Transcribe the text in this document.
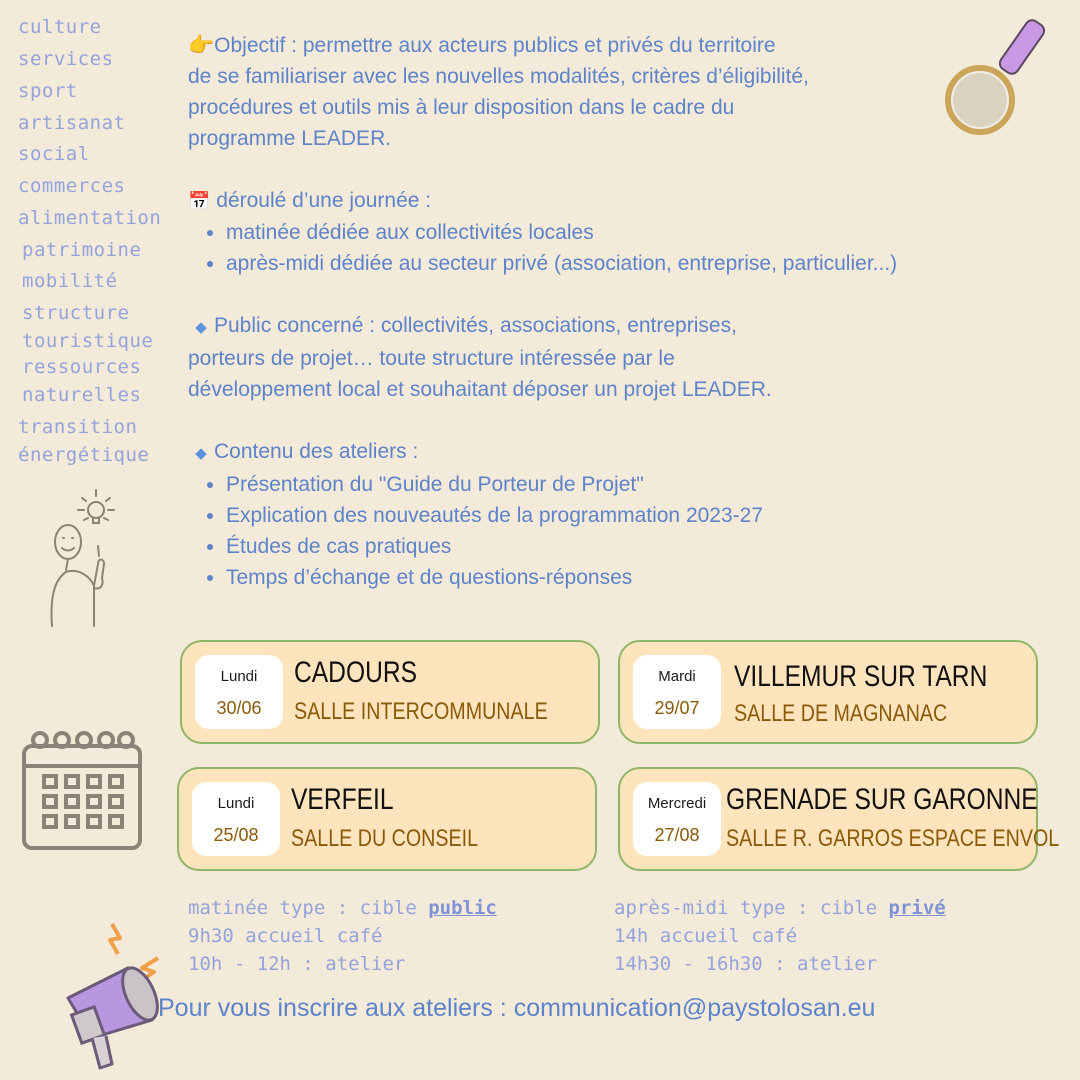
culture
services
sport
artisanat
social
commerces
alimentation
patrimoine
mobilité
structure
touristique
ressources
naturelles
transition
énergétique

👉Objectif : permettre aux acteurs publics et privés du territoire

de se familiariser avec les nouvelles modalités, critères d’éligibilité,

procédures et outils mis à leur disposition dans le cadre du

programme LEADER.

📅 déroulé d’une journée :

• matinée dédiée aux collectivités locales
• après-midi dédiée au secteur privé (association, entreprise, particulier...)

◆ Public concerné : collectivités, associations, entreprises,

porteurs de projet… toute structure intéressée par le

développement local et souhaitant déposer un projet LEADER.

◆ Contenu des ateliers :

• Présentation du "Guide du Porteur de Projet"
• Explication des nouveautés de la programmation 2023-27
• Études de cas pratiques
• Temps d’échange et de questions-réponses
Lundi
30/06
CADOURS
SALLE INTERCOMMUNALE
Mardi
29/07
VILLEMUR SUR TARN
SALLE DE MAGNANAC
Lundi
25/08
VERFEIL
SALLE DU CONSEIL
Mercredi
27/08
GRENADE SUR GARONNE
SALLE R. GARROS ESPACE ENVOL
matinée type : cible public
9h30 accueil café
10h - 12h : atelier
après-midi type : cible privé
14h accueil café
14h30 - 16h30 : atelier
Pour vous inscrire aux ateliers : communication@paystolosan.eu
